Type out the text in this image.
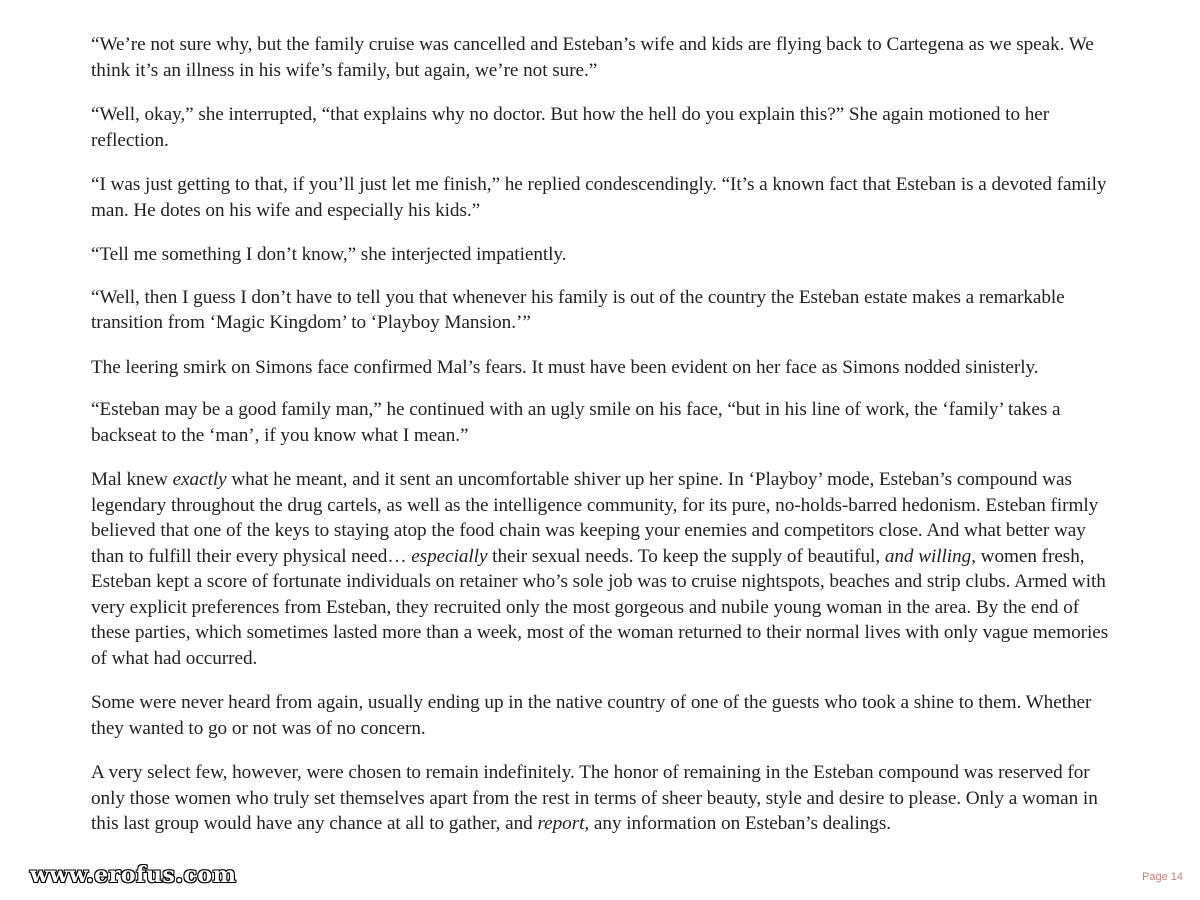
“We’re not sure why, but the family cruise was cancelled and Esteban’s wife and kids are flying back to Cartegena as we speak. We think it’s an illness in his wife’s family, but again, we’re not sure.”

“Well, okay,” she interrupted, “that explains why no doctor. But how the hell do you explain this?” She again motioned to her reflection.

“I was just getting to that, if you’ll just let me finish,” he replied condescendingly. “It’s a known fact that Esteban is a devoted family man. He dotes on his wife and especially his kids.”

“Tell me something I don’t know,” she interjected impatiently.

“Well, then I guess I don’t have to tell you that whenever his family is out of the country the Esteban estate makes a remarkable transition from ‘Magic Kingdom’ to ‘Playboy Mansion.’”

The leering smirk on Simons face confirmed Mal’s fears. It must have been evident on her face as Simons nodded sinisterly.

“Esteban may be a good family man,” he continued with an ugly smile on his face, “but in his line of work, the ‘family’ takes a backseat to the ‘man’, if you know what I mean.”

Mal knew exactly what he meant, and it sent an uncomfortable shiver up her spine. In ‘Playboy’ mode, Esteban’s compound was legendary throughout the drug cartels, as well as the intelligence community, for its pure, no-holds-barred hedonism. Esteban firmly believed that one of the keys to staying atop the food chain was keeping your enemies and competitors close. And what better way than to fulfill their every physical need… especially their sexual needs. To keep the supply of beautiful, and willing, women fresh, Esteban kept a score of fortunate individuals on retainer who’s sole job was to cruise nightspots, beaches and strip clubs. Armed with very explicit preferences from Esteban, they recruited only the most gorgeous and nubile young woman in the area. By the end of these parties, which sometimes lasted more than a week, most of the woman returned to their normal lives with only vague memories of what had occurred.

Some were never heard from again, usually ending up in the native country of one of the guests who took a shine to them. Whether they wanted to go or not was of no concern.

A very select few, however, were chosen to remain indefinitely. The honor of remaining in the Esteban compound was reserved for only those women who truly set themselves apart from the rest in terms of sheer beauty, style and desire to please. Only a woman in this last group would have any chance at all to gather, and report, any information on Esteban’s dealings.

www.erofus.com	Page 14
